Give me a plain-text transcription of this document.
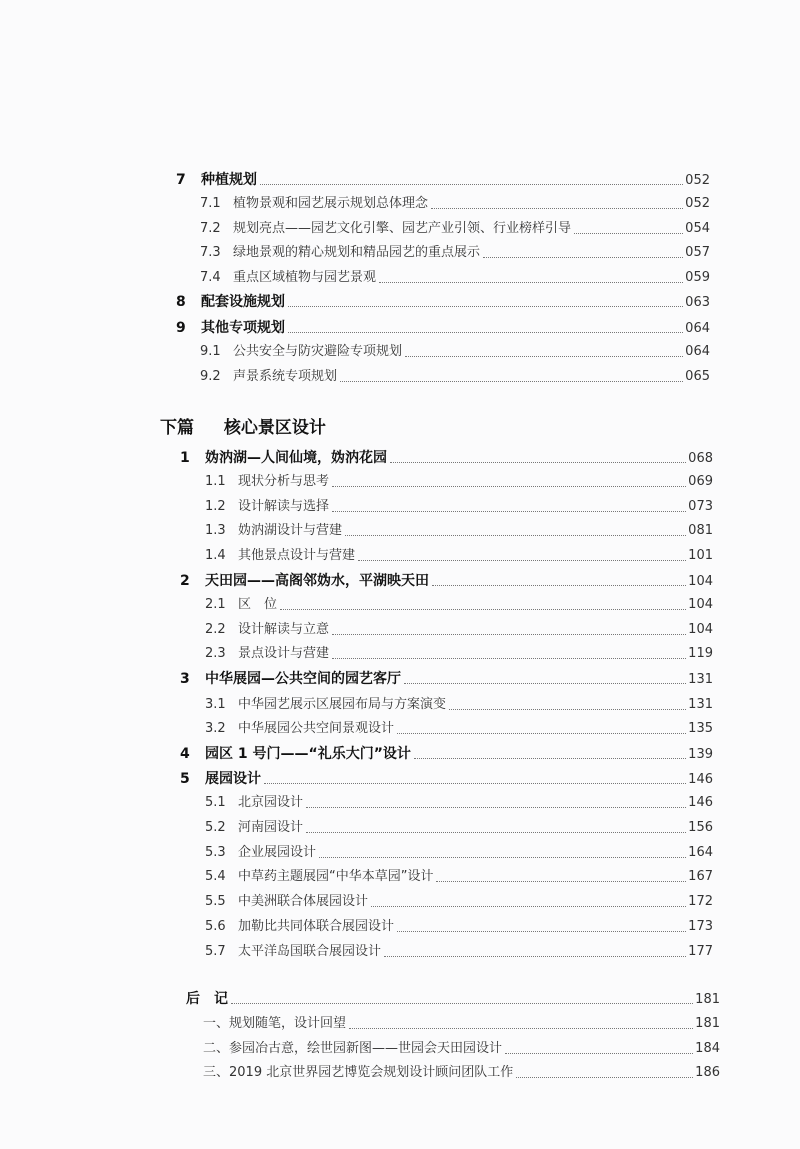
7	种植规划	052
7.1 植物景观和园艺展示规划总体理念	052
7.2 规划亮点——园艺文化引擎、园艺产业引领、行业榜样引导	054
7.3 绿地景观的精心规划和精品园艺的重点展示	057
7.4 重点区域植物与园艺景观	059
8	配套设施规划	063
9	其他专项规划	064
9.1 公共安全与防灾避险专项规划	064
9.2 声景系统专项规划	065
下篇 核心景区设计
1	妫汭湖—人间仙境，妫汭花园	068
1.1 现状分析与思考	069
1.2 设计解读与选择	073
1.3 妫汭湖设计与营建	081
1.4 其他景点设计与营建	101
2	天田园——高阁邻妫水，平湖映天田	104
2.1 区　位	104
2.2 设计解读与立意	104
2.3 景点设计与营建	119
3	中华展园—公共空间的园艺客厅	131
3.1 中华园艺展示区展园布局与方案演变	131
3.2 中华展园公共空间景观设计	135
4	园区 1 号门——“礼乐大门”设计	139
5	展园设计	146
5.1 北京园设计	146
5.2 河南园设计	156
5.3 企业展园设计	164
5.4 中草药主题展园“中华本草园”设计	167
5.5 中美洲联合体展园设计	172
5.6 加勒比共同体联合展园设计	173
5.7 太平洋岛国联合展园设计	177
后　记	181
一、规划随笔，设计回望	181
二、参园冶古意，绘世园新图——世园会天田园设计	184
三、2019 北京世界园艺博览会规划设计顾问团队工作	186
